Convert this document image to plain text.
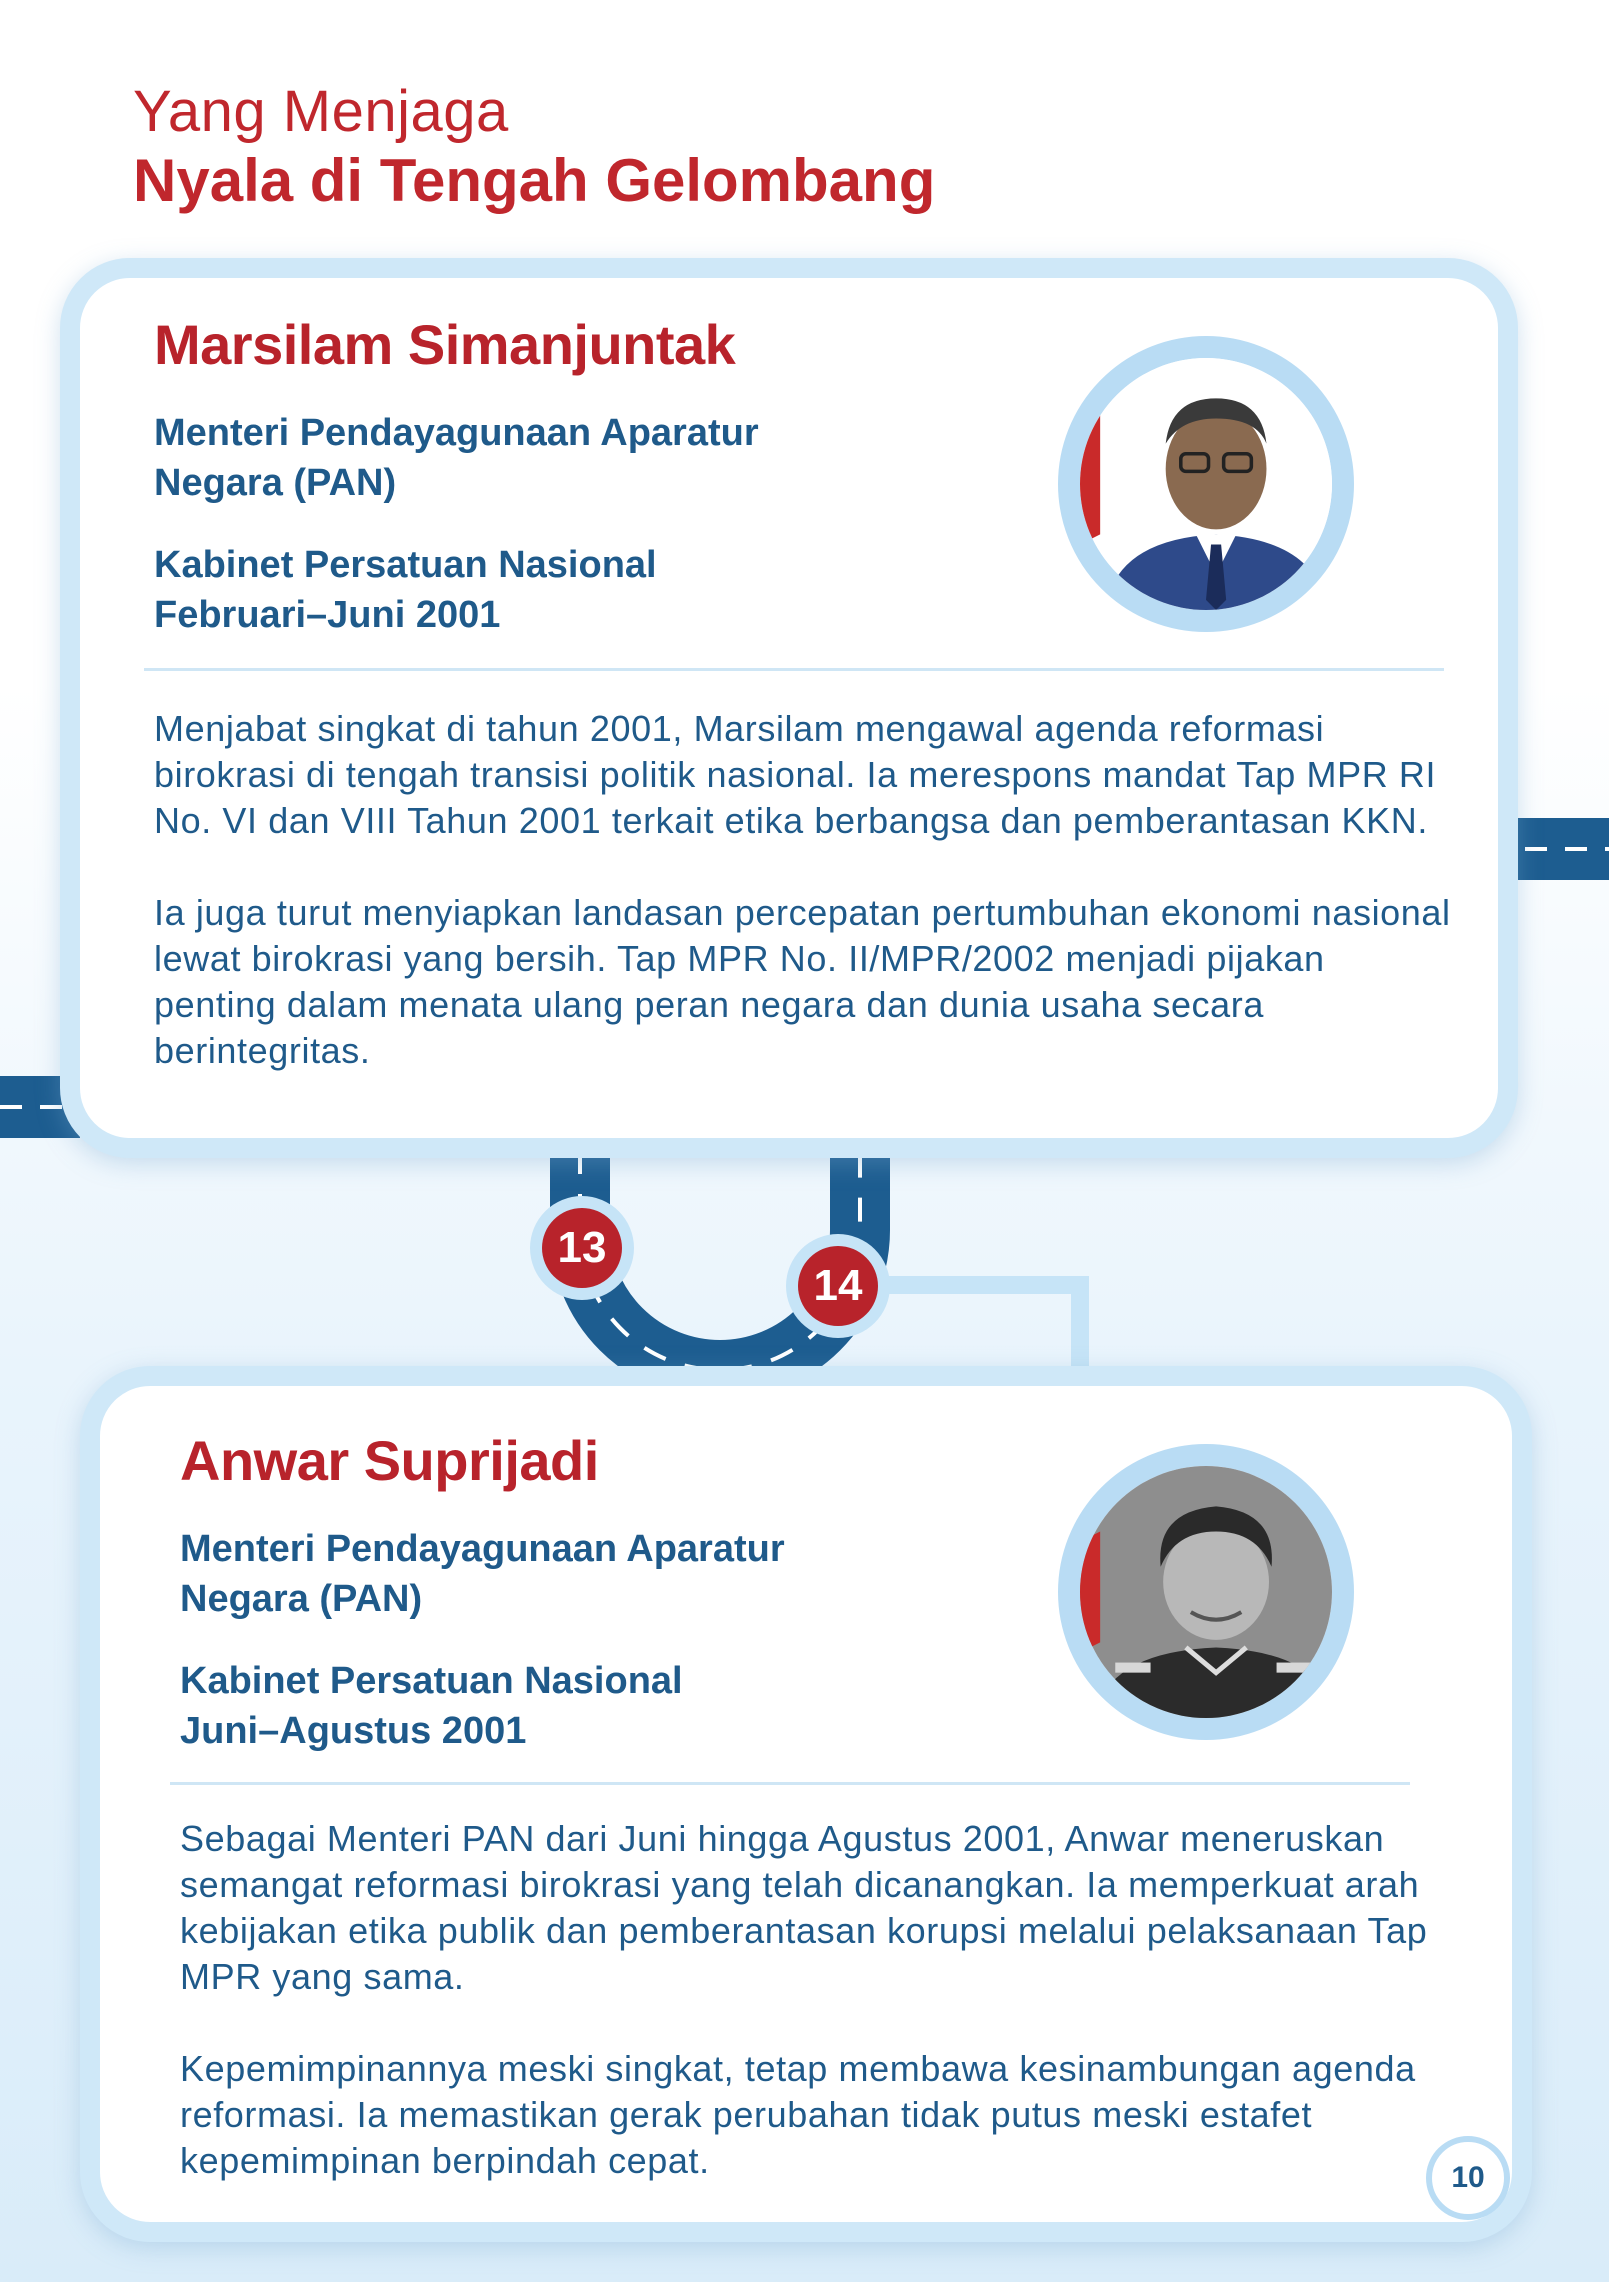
Yang Menjaga
Nyala di Tengah Gelombang
Marsilam Simanjuntak
Menteri Pendayagunaan Aparatur
Negara (PAN)
Kabinet Persatuan Nasional
Februari–Juni 2001

Menjabat singkat di tahun 2001, Marsilam mengawal agenda reformasi birokrasi di tengah transisi politik nasional. Ia merespons mandat Tap MPR RI No. VI dan VIII Tahun 2001 terkait etika berbangsa dan pemberantasan KKN.

Ia juga turut menyiapkan landasan percepatan pertumbuhan ekonomi nasional lewat birokrasi yang bersih. Tap MPR No. II/MPR/2002 menjadi pijakan penting dalam menata ulang peran negara dan dunia usaha secara berintegritas.

13
14
Anwar Suprijadi
Menteri Pendayagunaan Aparatur
Negara (PAN)
Kabinet Persatuan Nasional
Juni–Agustus 2001

Sebagai Menteri PAN dari Juni hingga Agustus 2001, Anwar meneruskan semangat reformasi birokrasi yang telah dicanangkan. Ia memperkuat arah kebijakan etika publik dan pemberantasan korupsi melalui pelaksanaan Tap MPR yang sama.

Kepemimpinannya meski singkat, tetap membawa kesinambungan agenda reformasi. Ia memastikan gerak perubahan tidak putus meski estafet kepemimpinan berpindah cepat.	10
